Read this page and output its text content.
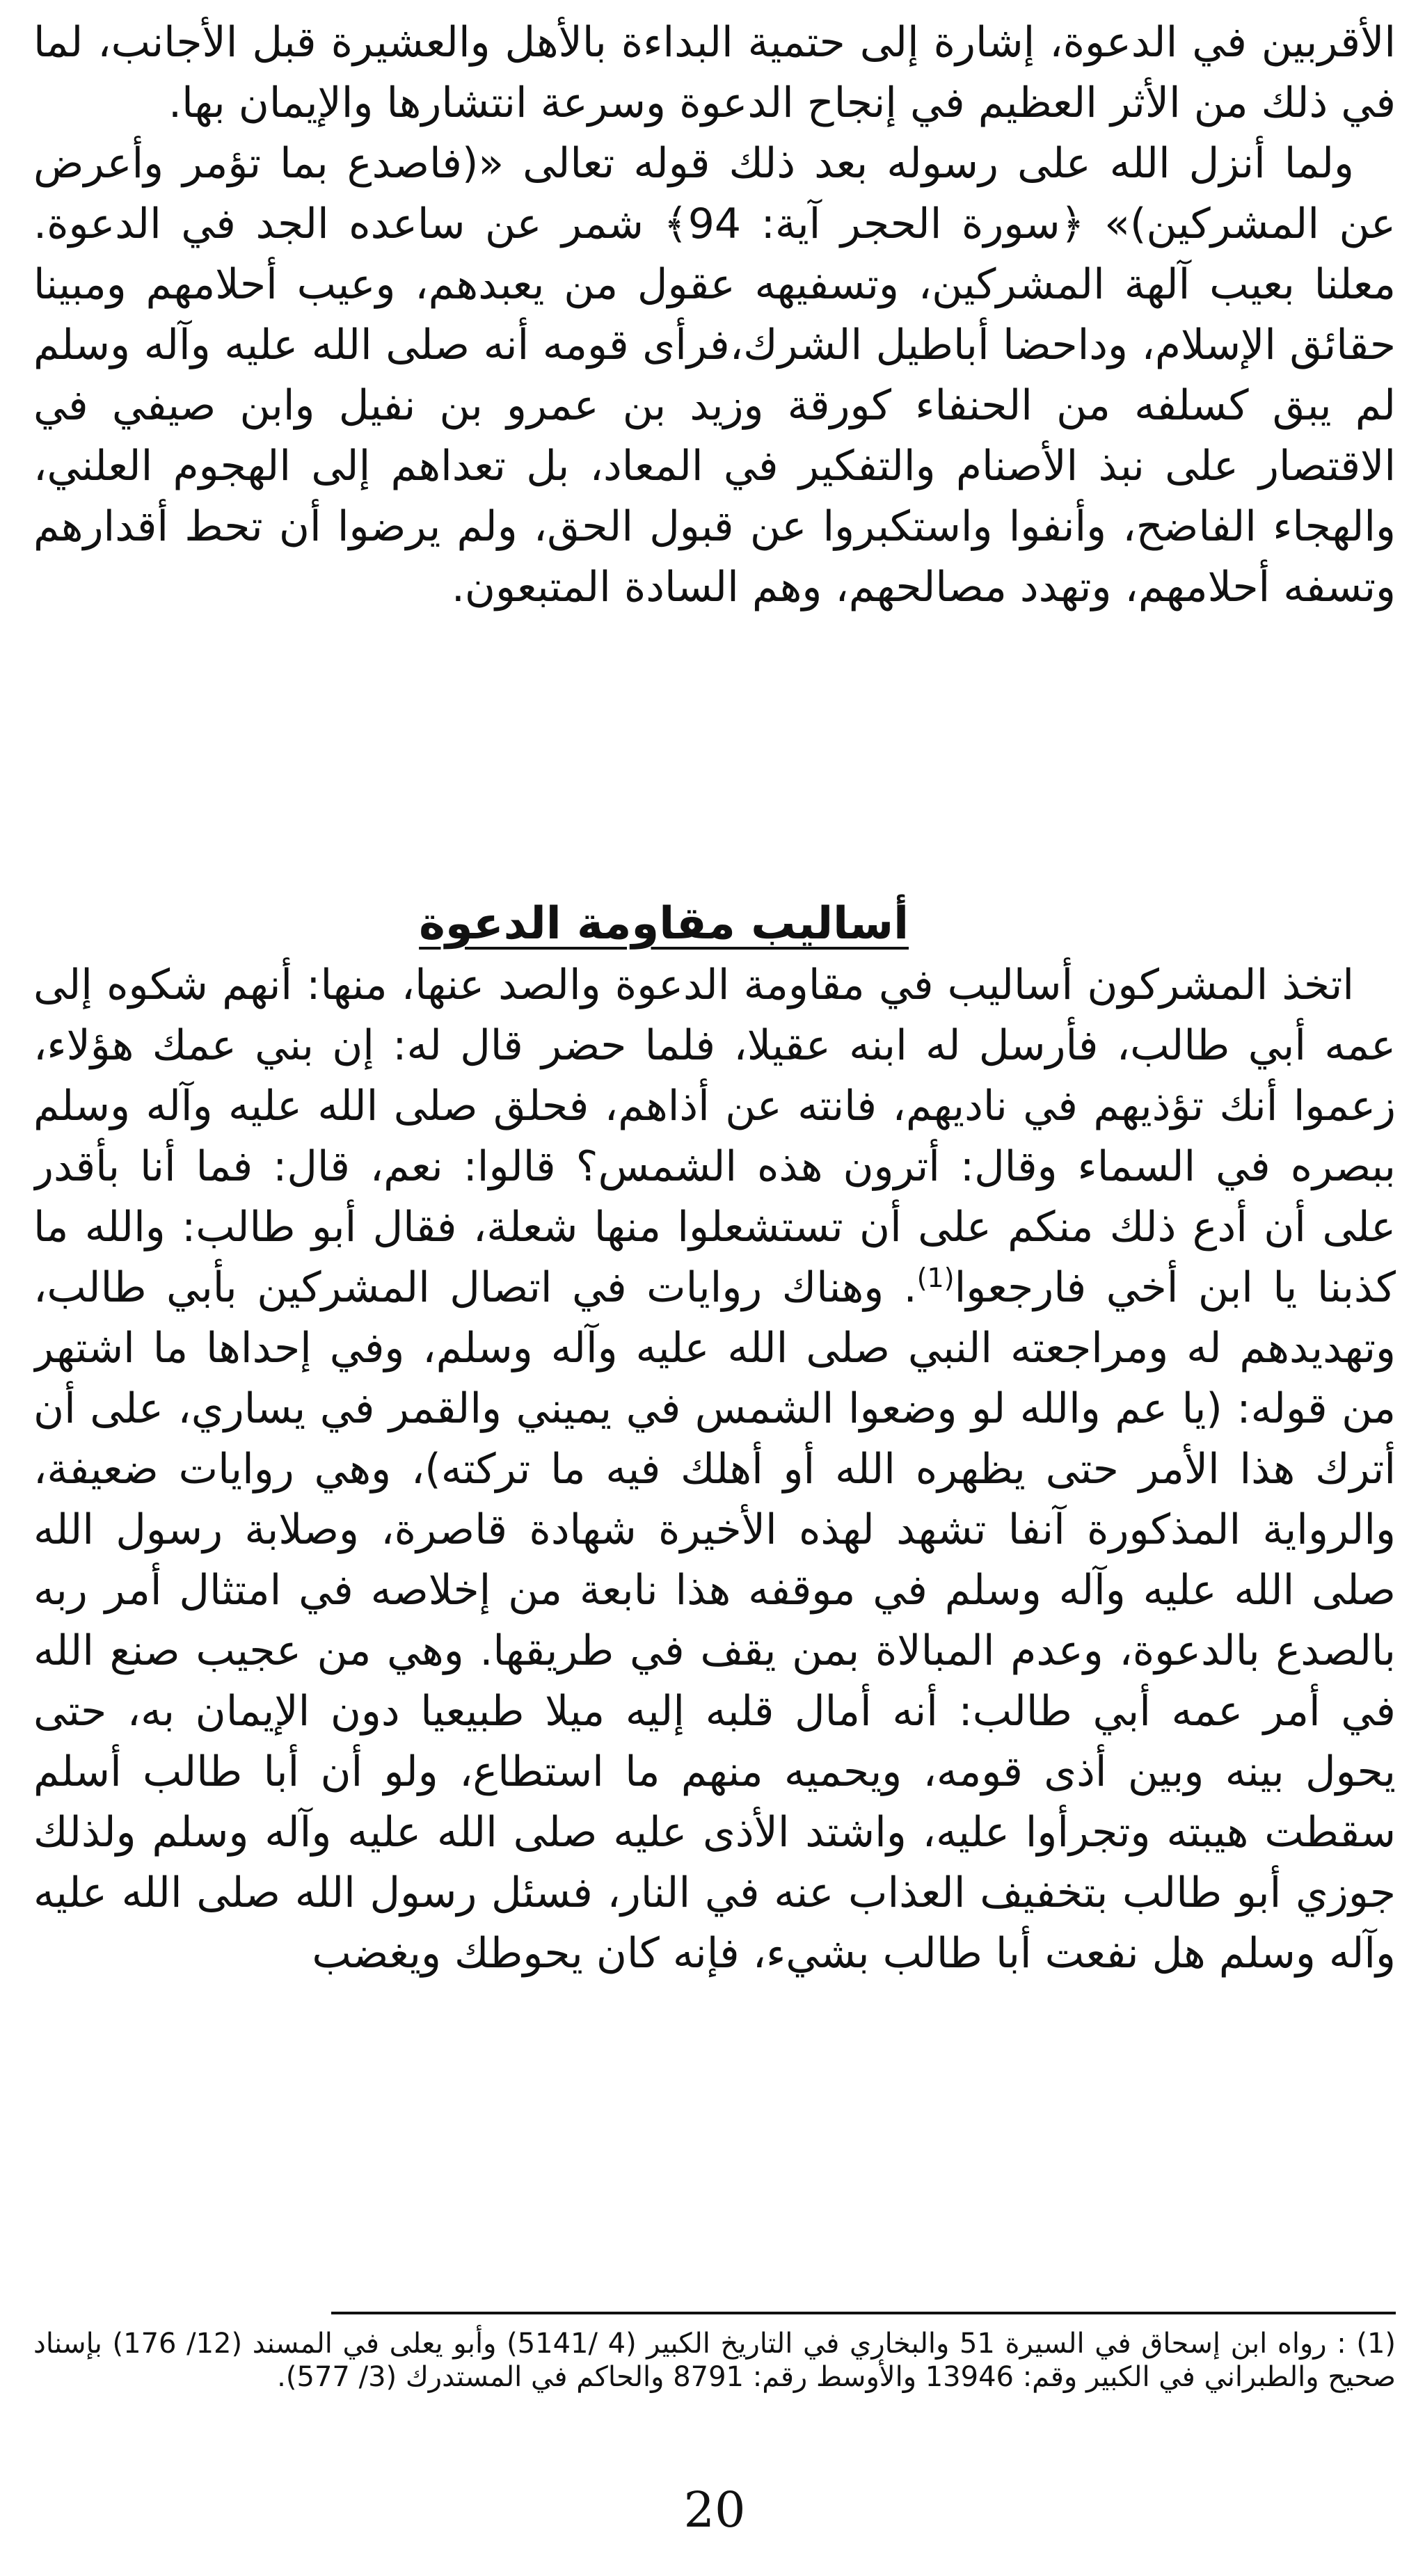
الأقربين في الدعوة، إشارة إلى حتمية البداءة بالأهل والعشيرة قبل الأجانب، لما في ذلك من الأثر العظيم في إنجاح الدعوة وسرعة انتشارها والإيمان بها.

ولما أنزل الله على رسوله بعد ذلك قوله تعالى «(فاصدع بما تؤمر وأعرض عن المشركين)» ﴿سورة الحجر آية: 94﴾ شمر عن ساعده الجد في الدعوة. معلنا بعيب آلهة المشركين، وتسفيهه عقول من يعبدهم، وعيب أحلامهم ومبينا حقائق الإسلام، وداحضا أباطيل الشرك،فرأى قومه أنه صلى الله عليه وآله وسلم لم يبق كسلفه من الحنفاء كورقة وزيد بن عمرو بن نفيل وابن صيفي في الاقتصار على نبذ الأصنام والتفكير في المعاد، بل تعداهم إلى الهجوم العلني، والهجاء الفاضح، وأنفوا واستكبروا عن قبول الحق، ولم يرضوا أن تحط أقدارهم وتسفه أحلامهم، وتهدد مصالحهم، وهم السادة المتبعون.

أساليب مقاومة الدعوة

اتخذ المشركون أساليب في مقاومة الدعوة والصد عنها، منها: أنهم شكوه إلى عمه أبي طالب، فأرسل له ابنه عقيلا، فلما حضر قال له: إن بني عمك هؤلاء، زعموا أنك تؤذيهم في ناديهم، فانته عن أذاهم، فحلق صلى الله عليه وآله وسلم ببصره في السماء وقال: أترون هذه الشمس؟ قالوا: نعم، قال: فما أنا بأقدر على أن أدع ذلك منكم على أن تستشعلوا منها شعلة، فقال أبو طالب: والله ما كذبنا يا ابن أخي فارجعوا$^{(1)}$. وهناك روايات في اتصال المشركين بأبي طالب، وتهديدهم له ومراجعته النبي صلى الله عليه وآله وسلم، وفي إحداها ما اشتهر من قوله: (يا عم والله لو وضعوا الشمس في يميني والقمر في يساري، على أن أترك هذا الأمر حتى يظهره الله أو أهلك فيه ما تركته)، وهي روايات ضعيفة، والرواية المذكورة آنفا تشهد لهذه الأخيرة شهادة قاصرة، وصلابة رسول الله صلى الله عليه وآله وسلم في موقفه هذا نابعة من إخلاصه في امتثال أمر ربه بالصدع بالدعوة، وعدم المبالاة بمن يقف في طريقها. وهي من عجيب صنع الله في أمر عمه أبي طالب: أنه أمال قلبه إليه ميلا طبيعيا دون الإيمان به، حتى يحول بينه وبين أذى قومه، ويحميه منهم ما استطاع، ولو أن أبا طالب أسلم سقطت هيبته وتجرأوا عليه، واشتد الأذى عليه صلى الله عليه وآله وسلم ولذلك جوزي أبو طالب بتخفيف العذاب عنه في النار، فسئل رسول الله صلى الله عليه وآله وسلم هل نفعت أبا طالب بشيء، فإنه كان يحوطك ويغضب

(1) : رواه ابن إسحاق في السيرة 51 والبخاري في التاريخ الكبير (4 /5141) وأبو يعلى في المسند (12/ 176) بإسناد صحيح والطبراني في الكبير وقم: 13946 والأوسط رقم: 8791 والحاكم في المستدرك (3/ 577).

20
